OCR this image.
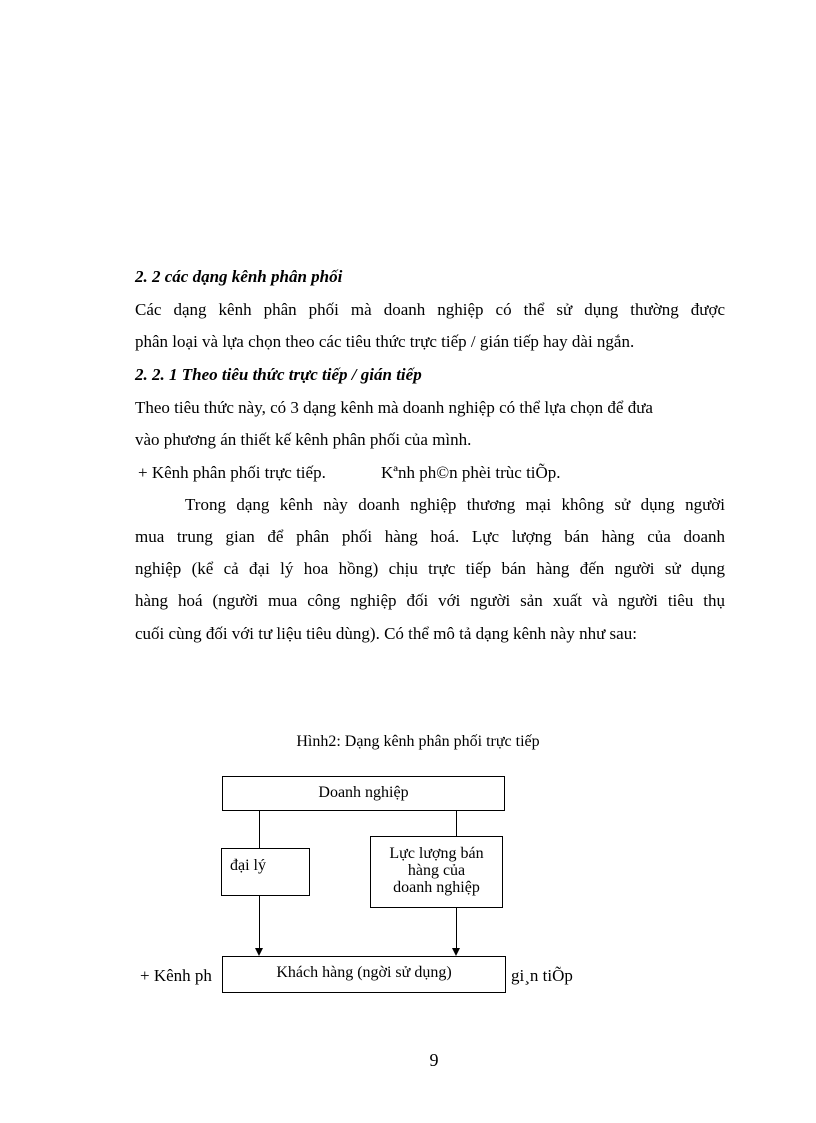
2. 2 các dạng kênh phân phối
Các dạng kênh phân phối mà doanh nghiệp có thể sử dụng thường được
phân loại và lựa chọn theo các tiêu thức trực tiếp / gián tiếp hay dài ngắn.
2. 2. 1 Theo tiêu thức trực tiếp / gián tiếp
Theo tiêu thức này, có 3 dạng kênh mà doanh nghiệp có thể lựa chọn để đưa
vào phương án thiết kế kênh phân phối của mình.
+ Kênh phân phối trực tiếp.	Kªnh ph©n phèi trùc tiÕp.
Trong dạng kênh này doanh nghiệp thương mại không sử dụng người
mua trung gian để phân phối hàng hoá. Lực lượng bán hàng của doanh
nghiệp (kể cả đại lý hoa hồng) chịu trực tiếp bán hàng đến người sử dụng
hàng hoá (người mua công nghiệp đối với người sản xuất và người tiêu thụ
cuối cùng đối với tư liệu tiêu dùng). Có thể mô tả dạng kênh này như sau:
Hình2: Dạng kênh phân phối trực tiếp
Doanh nghiệp
đại lý
Lực lượng bán
hàng của
doanh nghiệp
Khách hàng (ngời sử dụng)
+ Kênh ph	gi¸n tiÕp
9
